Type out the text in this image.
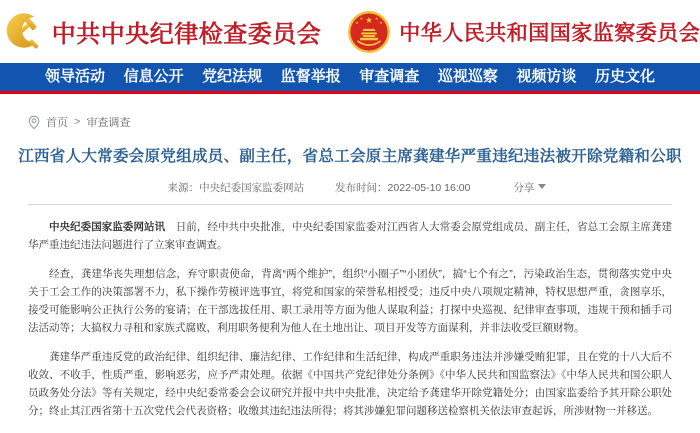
中共中央纪律检查委员会	中华人民共和国国家监察委员会
领导活动 信息公开 党纪法规 监督举报 审查调查 巡视巡察 视频访谈 历史文化
首页 > 审查调查
江西省人大常委会原党组成员、副主任，省总工会原主席龚建华严重违纪违法被开除党籍和公职
来源：中央纪委国家监委网站	发布时间：2022-05-10 16:00	分享

中央纪委国家监委网站讯　日前，经中共中央批准，中央纪委国家监委对江西省人大常委会原党组成员、副主任，省总工会原主席龚建华严重违纪违法问题进行了立案审查调查。

经查，龚建华丧失理想信念，弃守职责使命，背离“两个维护”，组织“小圈子”“小团伙”，搞“七个有之”，污染政治生态，贯彻落实党中央关于工会工作的决策部署不力，私下操作劳模评选事宜，将党和国家的荣誉私相授受；违反中央八项规定精神，特权思想严重，贪图享乐，接受可能影响公正执行公务的宴请；在干部选拔任用、职工录用等方面为他人谋取利益；打探中央巡视、纪律审查事项，违规干预和插手司法活动等；大搞权力寻租和家族式腐败，利用职务便利为他人在土地出让、项目开发等方面谋利，并非法收受巨额财物。

龚建华严重违反党的政治纪律、组织纪律、廉洁纪律、工作纪律和生活纪律，构成严重职务违法并涉嫌受贿犯罪，且在党的十八大后不收敛、不收手，性质严重，影响恶劣，应予严肃处理。依据《中国共产党纪律处分条例》《中华人民共和国监察法》《中华人民共和国公职人员政务处分法》等有关规定，经中央纪委常委会会议研究并报中共中央批准，决定给予龚建华开除党籍处分；由国家监委给予其开除公职处分；终止其江西省第十五次党代会代表资格；收缴其违纪违法所得；将其涉嫌犯罪问题移送检察机关依法审查起诉，所涉财物一并移送。
